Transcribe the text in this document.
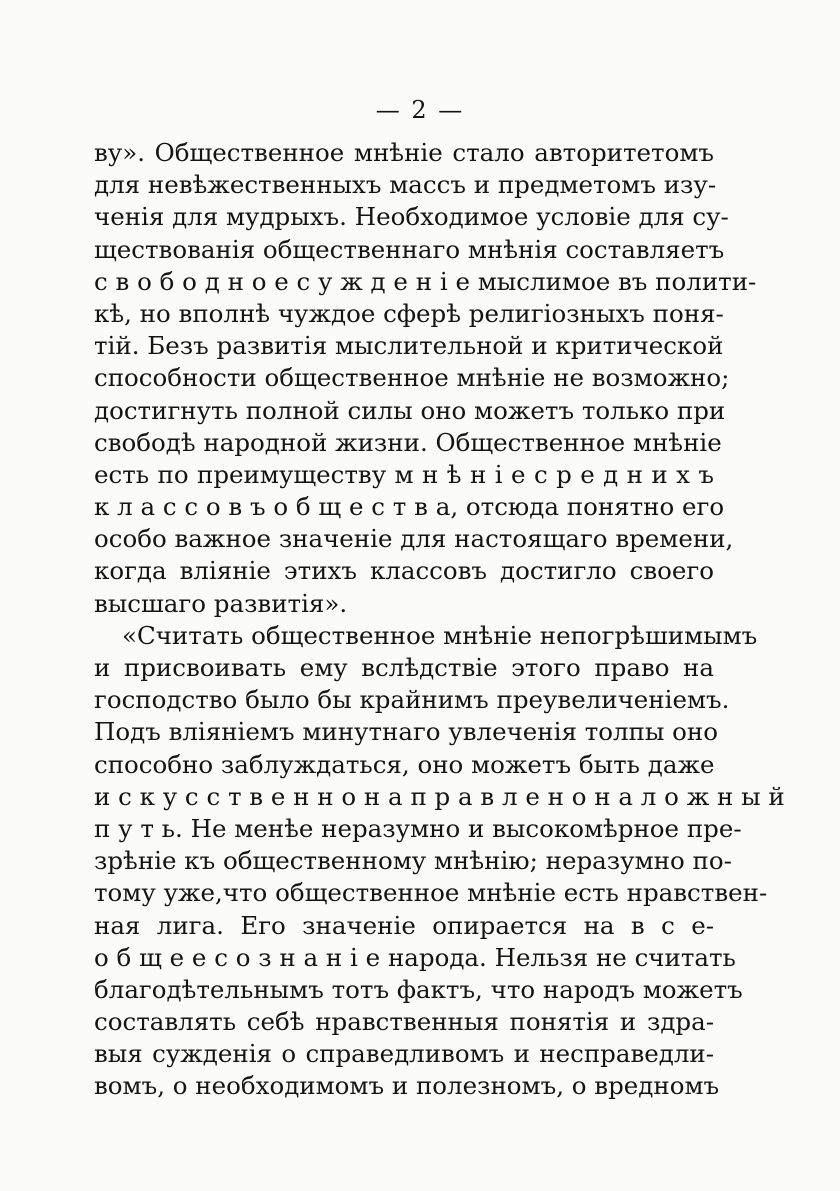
— 2 —
ву». Общественное мнѣніе стало авторитетомъ
для невѣжественныхъ массъ и предметомъ изу-
ченія для мудрыхъ. Необходимое условіе для су-
ществованія общественнаго мнѣнія составляетъ
с в о б о д н о е с у ж д е н і е мыслимое въ полити-
кѣ, но вполнѣ чуждое сферѣ религіозныхъ поня-
тій. Безъ развитія мыслительной и критической
способности общественное мнѣніе не возможно;
достигнуть полной силы оно можетъ только при
свободѣ народной жизни. Общественное мнѣніе
есть по преимуществу м н ѣ н і е с р е д н и х ъ
к л а с с о в ъ о б щ е с т в а, отсюда понятно его
особо важное значеніе для настоящаго времени,
когда вліяніе этихъ классовъ достигло своего
высшаго развитія».
«Считать общественное мнѣніе непогрѣшимымъ
и присвоивать ему вслѣдствіе этого право на
господство было бы крайнимъ преувеличеніемъ.
Подъ вліяніемъ минутнаго увлеченія толпы оно
способно заблуждаться, оно можетъ быть даже
и с к у с с т в е н н о н а п р а в л е н о н а л о ж н ы й
п у т ь. Не менѣе неразумно и высокомѣрное пре-
зрѣніе къ общественному мнѣнію; неразумно по-
тому уже,что общественное мнѣніе есть нравствен-
ная лига. Его значеніе опирается на в с е-
о б щ е е с о з н а н і е народа. Нельзя не считать
благодѣтельнымъ тотъ фактъ, что народъ можетъ
составлять себѣ нравственныя понятія и здра-
выя сужденія о справедливомъ и несправедли-
вомъ, о необходимомъ и полезномъ, о вредномъ
